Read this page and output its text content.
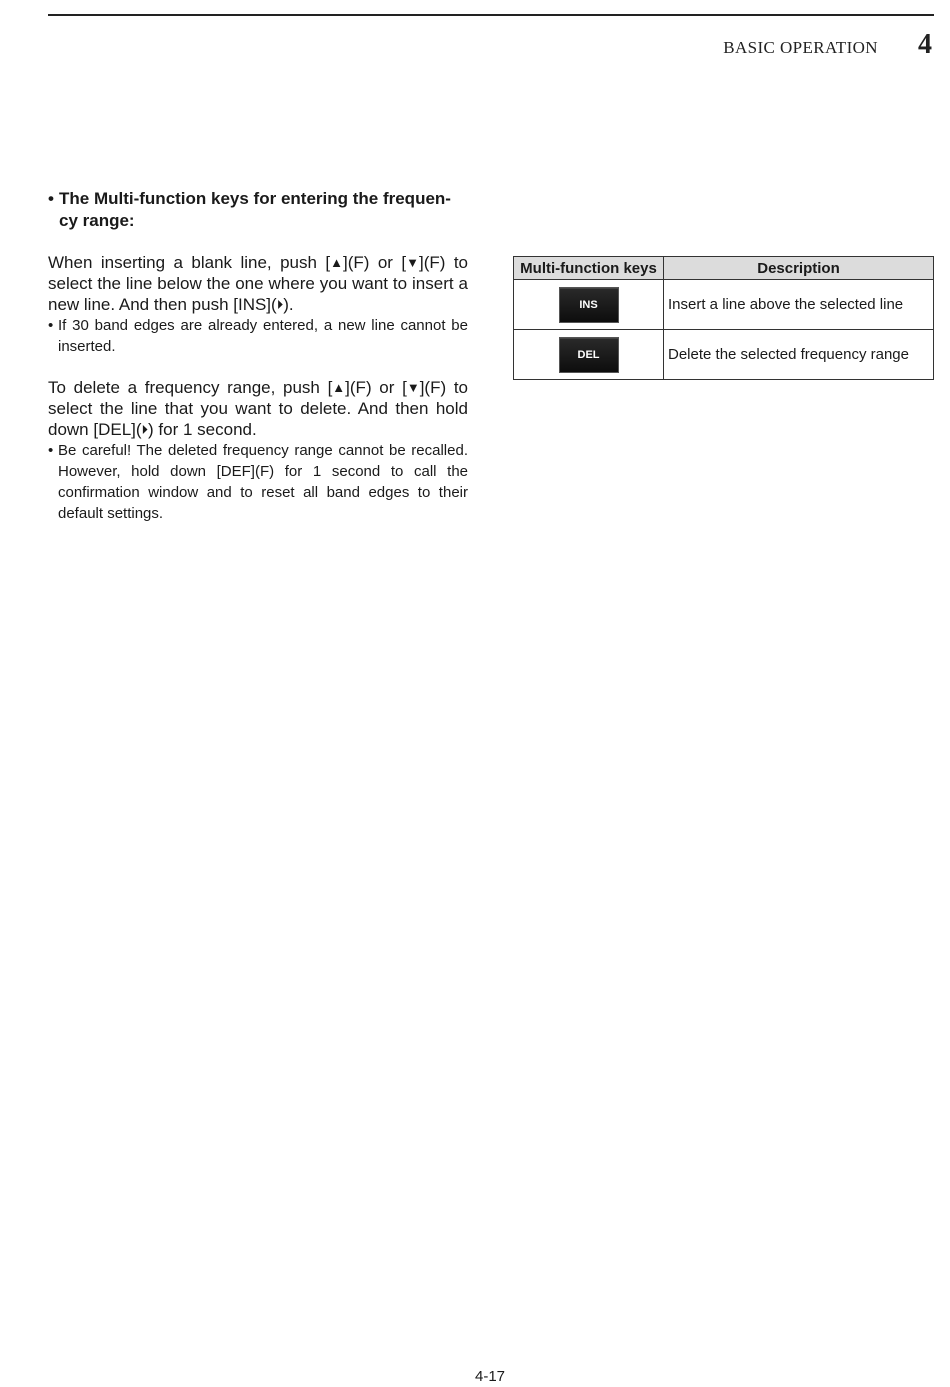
BASIC OPERATION 4
• The Multi-function keys for entering the frequen-
cy range:

When inserting a blank line, push [▲](F) or [▼](F) to select the line below the one where you want to insert a new line. And then push [INS](⏵).

• If 30 band edges are already entered, a new line cannot be inserted.

To delete a frequency range, push [▲](F) or [▼](F) to select the line that you want to delete. And then hold down [DEL](⏵) for 1 second.

• Be careful! The deleted frequency range cannot be recalled. However, hold down [DEF](F) for 1 second to call the confirmation window and to reset all band edges to their default settings.

Multi-function keys	Description
INS	Insert a line above the selected line
DEL	Delete the selected frequency range
4-17
